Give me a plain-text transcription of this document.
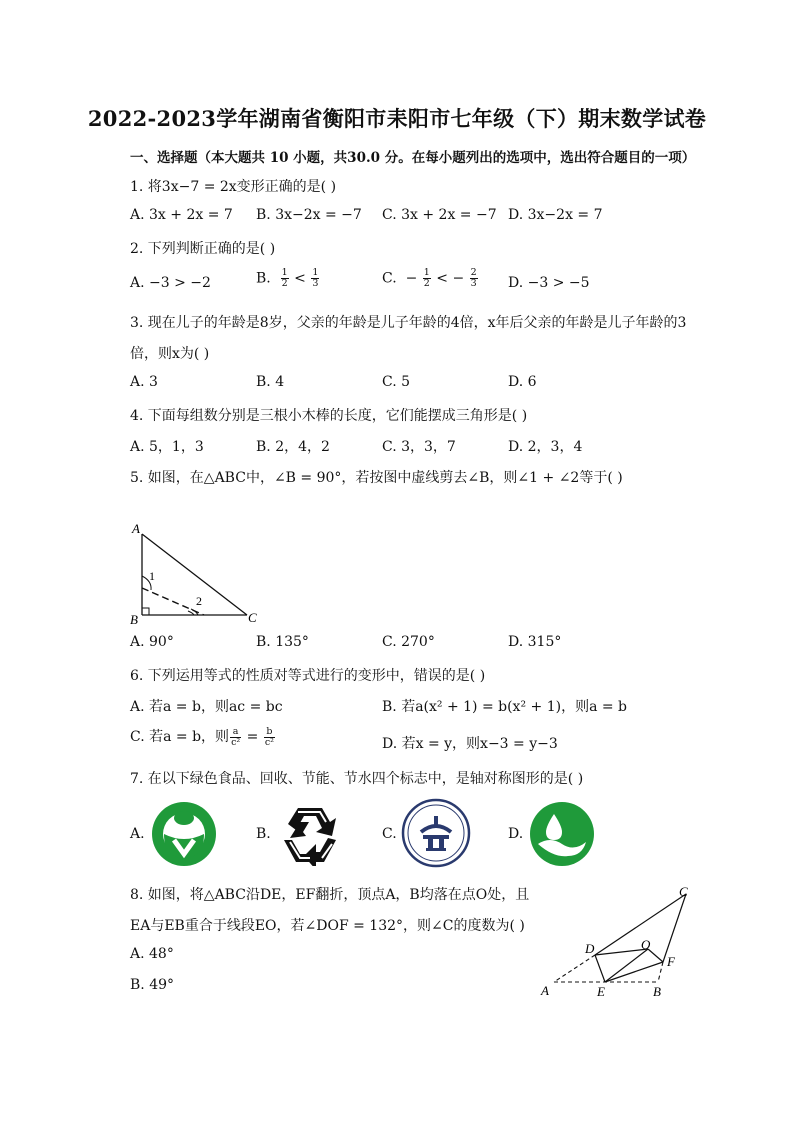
2022-2023学年湖南省衡阳市耒阳市七年级（下）期末数学试卷
一、选择题（本大题共 10 小题，共30.0 分。在每小题列出的选项中，选出符合题目的一项）
1. 将3x−7 = 2x变形正确的是( )
A. 3x + 2x = 7 B. 3x−2x = −7 C. 3x + 2x = −7 D. 3x−2x = 7
2. 下列判断正确的是( )
A. −3 > −2	B. $\frac{1}{2} < \frac{1}{3}$	C. − $\frac{1}{2}$ < − $\frac{2}{3} D$. −3 > −5
3. 现在儿子的年龄是8岁，父亲的年龄是儿子年龄的4倍，x年后父亲的年龄是儿子年龄的3
倍，则x为( )
A. 3	B. 4	C. 5	D. 6
4. 下面每组数分别是三根小木棒的长度，它们能摆成三角形是( )
A. 5，1，3	B. 2，4，2	C. 3，3，7	D. 2，3，4
5. 如图，在△ABC中，∠B = 90°，若按图中虚线剪去∠B，则∠1 + ∠2等于( )
A
B	C
1
2
A. 90°	B. 135°	C. 270°	D. 315°
6. 下列运用等式的性质对等式进行的变形中，错误的是( )
A. 若a = b，则ac = bc	B. 若a(x² + 1) = b(x² + 1)，则a = b
C. 若a = b，则 $\frac{a}{\text{c²}} = \frac{b}{\text{c²}}$	D. 若x = y，则x−3 = y−3
7. 在以下绿色食品、回收、节能、节水四个标志中，是轴对称图形的是( )
A.	B.	C.	D.
8. 如图，将△ABC沿DE，EF翻折，顶点A，B均落在点O处，且
EA与EB重合于线段EO，若∠DOF = 132°，则∠C的度数为( )
A. 48°
B. 49°
C
D	O
F
A	E	B
